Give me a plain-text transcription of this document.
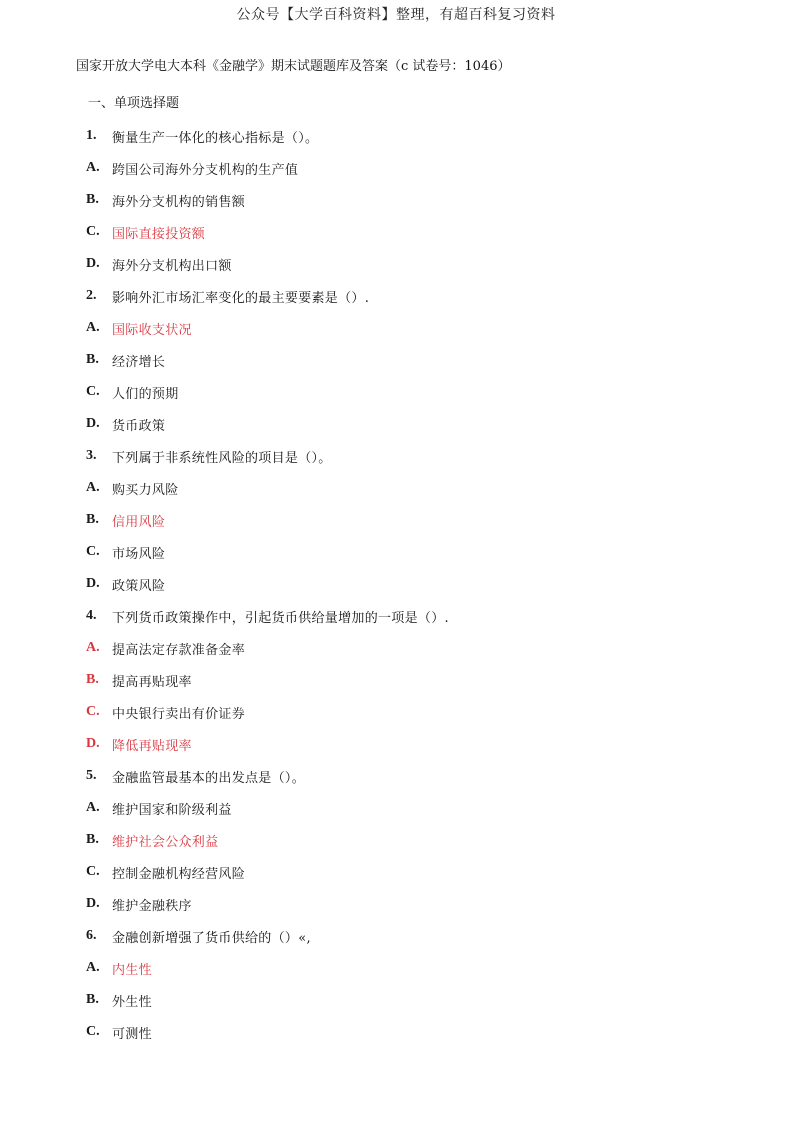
公众号【大学百科资料】整理，有超百科复习资料
国家开放大学电大本科《金融学》期末试题题库及答案（c 试卷号：1046）
一、单项选择题
1.	衡量生产一体化的核心指标是（）。
A. 跨国公司海外分支机构的生产值
B.	海外分支机构的销售额
C. 国际直接投资额
D. 海外分支机构出口额
2.	影响外汇市场汇率变化的最主要要素是（）.
A. 国际收支状况
B.	经济增长
C. 人们的预期
D. 货币政策
3.	下列属于非系统性风险的项目是（）。
A. 购买力风险
B.	信用风险
C. 市场风险
D. 政策风险
4.	下列货币政策操作中，引起货币供给量增加的一项是（）.
A. 提高法定存款准备金率
B.	提高再贴现率
C. 中央银行卖出有价证券
D. 降低再贴现率
5.	金融监管最基本的出发点是（）。
A. 维护国家和阶级利益
B.	维护社会公众利益
C. 控制金融机构经营风险
D. 维护金融秩序
6.	金融创新增强了货币供给的（）«,
A. 内生性
B.	外生性
C. 可测性
